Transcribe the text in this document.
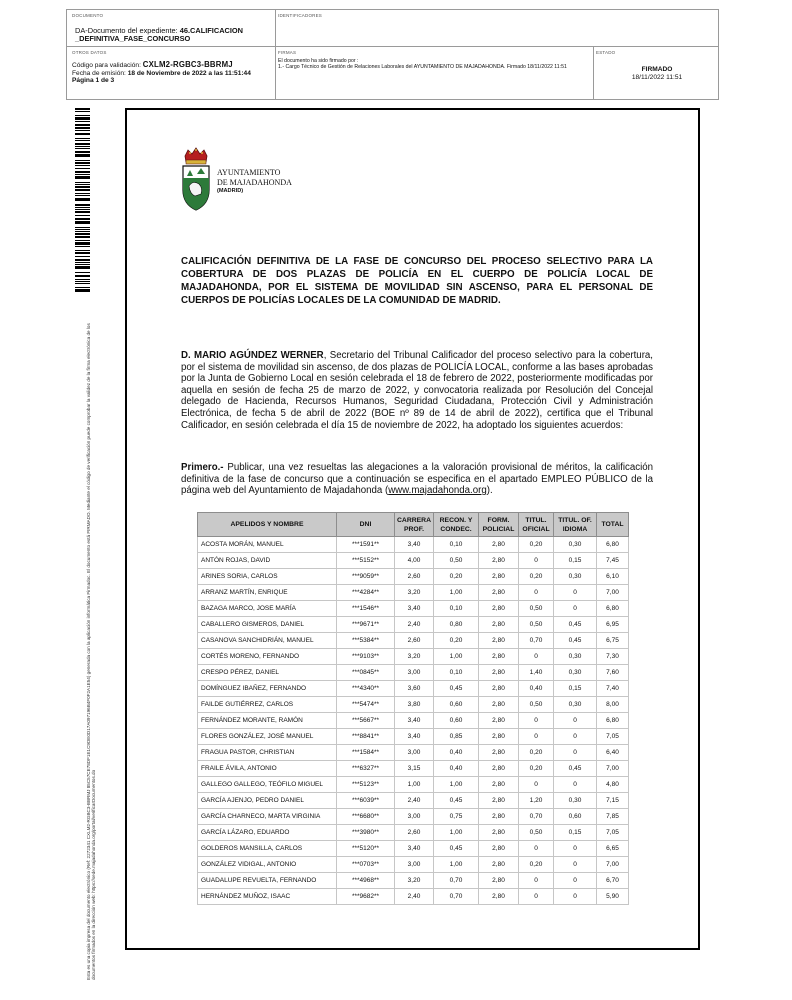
DOCUMENTO
DA-Documento del expediente: 46.CALIFICACION
_DEFINITIVA_FASE_CONCURSO
IDENTIFICADORES
OTROS DATOS
Código para validación: CXLM2-RGBC3-BBRMJ
Fecha de emisión: 18 de Noviembre de 2022 a las 11:51:44
Página 1 de 3
FIRMAS
El documento ha sido firmado por :
1.- Cargo Técnico de Gestión de Relaciones Laborales del AYUNTAMIENTO DE MAJADAHONDA. Firmado 18/11/2022 11:51
ESTADO
FIRMADO
18/11/2022 11:51
Esta es una copia impresa del documento electrónico (Ref: 2272341 CXLM2-RGBC3-BBRMJ 85C57CE78DF1E1C9DE0D17A097196B4F0F2A1E54) generada con la aplicación informática Firmadoc. El documento está FIRMADO. Mediante el código de verificación puede comprobar la validez de la firma electrónica de los documentos firmados en la dirección web: https://sede.majadahonda.org/portal/verificarDocumentos.do
AYUNTAMIENTO
DE MAJADAHONDA
(MADRID)
CALIFICACIÓN DEFINITIVA DE LA FASE DE CONCURSO DEL PROCESO SELECTIVO PARA LA COBERTURA DE DOS PLAZAS DE POLICÍA EN EL CUERPO DE POLICÍA LOCAL DE MAJADAHONDA, POR EL SISTEMA DE MOVILIDAD SIN ASCENSO, PARA EL PERSONAL DE CUERPOS DE POLICÍAS LOCALES DE LA COMUNIDAD DE MADRID.
D. MARIO AGÚNDEZ WERNER, Secretario del Tribunal Calificador del proceso selectivo para la cobertura, por el sistema de movilidad sin ascenso, de dos plazas de POLICÍA LOCAL, conforme a las bases aprobadas por la Junta de Gobierno Local en sesión celebrada el 18 de febrero de 2022, posteriormente modificadas por aquella en sesión de fecha 25 de marzo de 2022, y convocatoria realizada por Resolución del Concejal delegado de Hacienda, Recursos Humanos, Seguridad Ciudadana, Protección Civil y Administración Electrónica, de fecha 5 de abril de 2022 (BOE nº 89 de 14 de abril de 2022), certifica que el Tribunal Calificador, en sesión celebrada el día 15 de noviembre de 2022, ha adoptado los siguientes acuerdos:
Primero.- Publicar, una vez resueltas las alegaciones a la valoración provisional de méritos, la calificación definitiva de la fase de concurso que a continuación se especifica en el apartado EMPLEO PÚBLICO de la página web del Ayuntamiento de Majadahonda (www.majadahonda.org).
APELIDOS Y NOMBRE	DNI	CARRERA PROF.	RECON. Y CONDEC.	FORM. POLICIAL	TITUL. OFICIAL	TITUL. OF. IDIOMA	TOTAL
ACOSTA MORÁN, MANUEL	***1591**	3,40	0,10	2,80	0,20	0,30	6,80
ANTÓN ROJAS, DAVID	***5152**	4,00	0,50	2,80	0	0,15	7,45
ARINES SORIA, CARLOS	***9059**	2,60	0,20	2,80	0,20	0,30	6,10
ARRANZ MARTÍN, ENRIQUE	***4284**	3,20	1,00	2,80	0	0	7,00
BAZAGA MARCO, JOSE MARÍA	***1546**	3,40	0,10	2,80	0,50	0	6,80
CABALLERO GISMEROS, DANIEL	***9671**	2,40	0,80	2,80	0,50	0,45	6,95
CASANOVA SANCHIDRIÁN, MANUEL	***5384**	2,60	0,20	2,80	0,70	0,45	6,75
CORTÉS MORENO, FERNANDO	***9103**	3,20	1,00	2,80	0	0,30	7,30
CRESPO PÉREZ, DANIEL	***0845**	3,00	0,10	2,80	1,40	0,30	7,60
DOMÍNGUEZ IBAÑEZ, FERNANDO	***4340**	3,60	0,45	2,80	0,40	0,15	7,40
FAILDE GUTIÉRREZ, CARLOS	***5474**	3,80	0,60	2,80	0,50	0,30	8,00
FERNÁNDEZ MORANTE, RAMÓN	***5667**	3,40	0,60	2,80	0	0	6,80
FLORES GONZÁLEZ, JOSÉ MANUEL	***8841**	3,40	0,85	2,80	0	0	7,05
FRAGUA PASTOR, CHRISTIAN	***1584**	3,00	0,40	2,80	0,20	0	6,40
FRAILE ÁVILA, ANTONIO	***6327**	3,15	0,40	2,80	0,20	0,45	7,00
GALLEGO GALLEGO, TEÓFILO MIGUEL	***5123**	1,00	1,00	2,80	0	0	4,80
GARCÍA AJENJO, PEDRO DANIEL	***6039**	2,40	0,45	2,80	1,20	0,30	7,15
GARCÍA CHARNECO, MARTA VIRGINIA	***6680**	3,00	0,75	2,80	0,70	0,60	7,85
GARCÍA LÁZARO, EDUARDO	***3980**	2,60	1,00	2,80	0,50	0,15	7,05
GOLDEROS MANSILLA, CARLOS	***5120**	3,40	0,45	2,80	0	0	6,65
GONZÁLEZ VIDIGAL, ANTONIO	***0703**	3,00	1,00	2,80	0,20	0	7,00
GUADALUPE REVUELTA, FERNANDO	***4968**	3,20	0,70	2,80	0	0	6,70
HERNÁNDEZ MUÑOZ, ISAAC	***9682**	2,40	0,70	2,80	0	0	5,90
